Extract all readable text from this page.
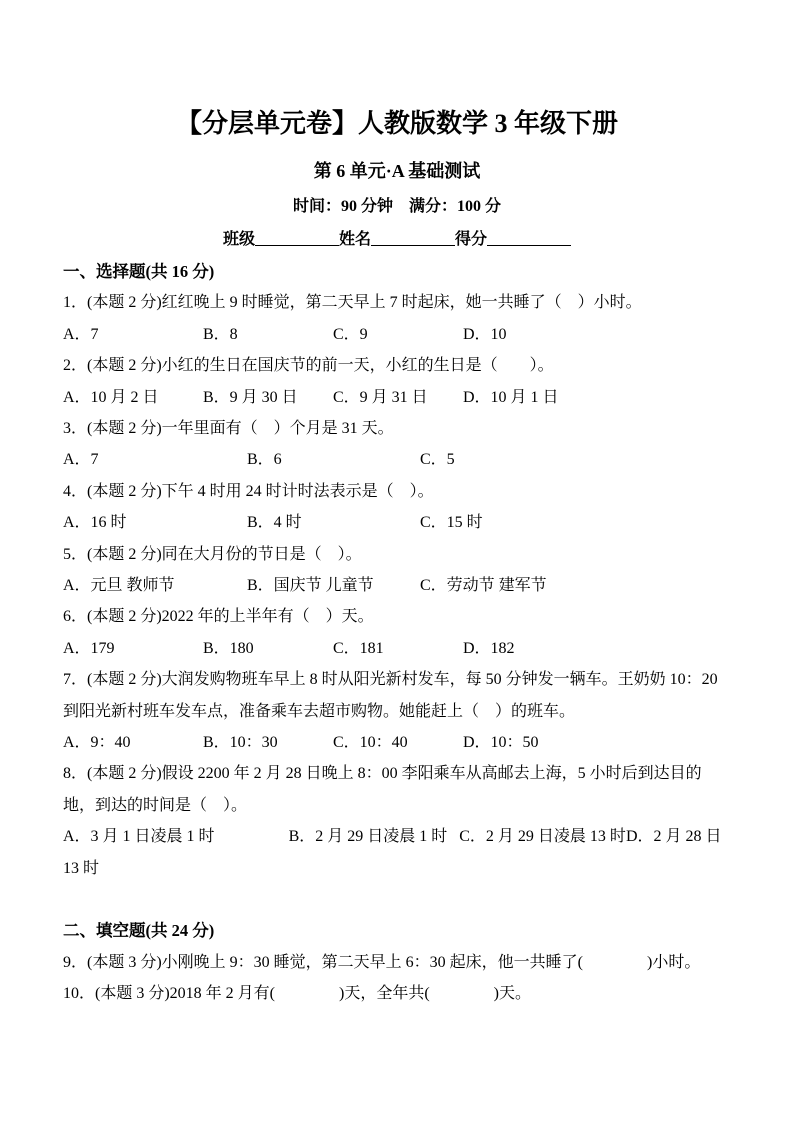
【分层单元卷】人教版数学 3 年级下册
第 6 单元·A 基础测试
时间：90 分钟　满分：100 分
班级	姓名	得分
一、选择题(共 16 分)
1．(本题 2 分)红红晚上 9 时睡觉，第二天早上 7 时起床，她一共睡了（　）小时。
A．7	B．8	C．9	D．10
2．(本题 2 分)小红的生日在国庆节的前一天，小红的生日是（　　）。
A．10 月 2 日	B．9 月 30 日 C．9 月 31 日 D．10 月 1 日
3．(本题 2 分)一年里面有（　）个月是 31 天。
A．7	B．6	C．5
4．(本题 2 分)下午 4 时用 24 时计时法表示是（　）。
A．16 时	B．4 时	C．15 时
5．(本题 2 分)同在大月份的节日是（　）。
A．元旦 教师节	B．国庆节 儿童节	C．劳动节 建军节
6．(本题 2 分)2022 年的上半年有（　）天。
A．179	B．180	C．181	D．182
7．(本题 2 分)大润发购物班车早上 8 时从阳光新村发车，每 50 分钟发一辆车。王奶奶 10：20 到阳光新村班车发车点，准备乘车去超市购物。她能赶上（　）的班车。
A．9：40	B．10：30	C．10：40	D．10：50
8．(本题 2 分)假设 2200 年 2 月 28 日晚上 8：00 李阳乘车从高邮去上海，5 小时后到达目的地，到达的时间是（　）。
A．3 月 1 日凌晨 1 时	B．2 月 29 日凌晨 1 时 C．2 月 29 日凌晨 13 时D．2 月 28 日 13 时
二、填空题(共 24 分)
9．(本题 3 分)小刚晚上 9：30 睡觉，第二天早上 6：30 起床，他一共睡了(　　　　)小时。
10．(本题 3 分)2018 年 2 月有(　　　　)天，全年共(　　　　)天。
